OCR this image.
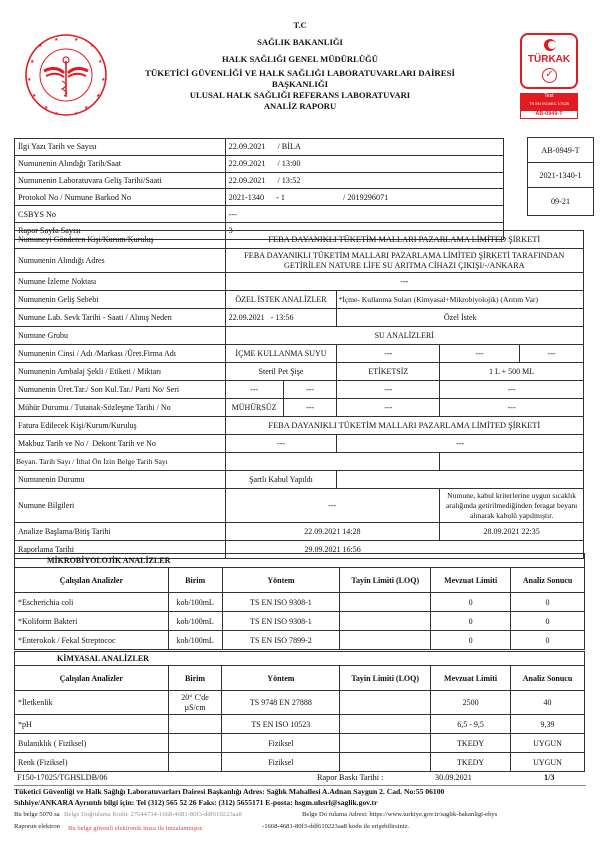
★
★	★
★
★	★
★	★
★	★
★	★
★	★
T.C
SAĞLIK BAKANLIĞI
HALK SAĞLIĞI GENEL MÜDÜRLÜĞÜ
TÜKETİCİ GÜVENLİĞİ VE HALK SAĞLIĞI LABORATUVARLARI DAİRESİ
BAŞKANLIĞI
ULUSAL HALK SAĞLIĞI REFERANS LABORATUVARI
ANALİZ RAPORU
TÜRKAK
✓
Test
TS EN ISO/IEC 17025
AB-0949-T
İlgi Yazı Tarih ve Sayısı	22.09.2021 / BİLA
Numunenin Alındığı Tarih/Saat	22.09.2021 / 13:00
Numunenin Laboratuvara Geliş Tarihi/Saati	22.09.2021 / 13:52
Protokol No / Numune Barkod No	2021-1340 - 1 / 2019296071
CSBYS No	---
Rapor Sayfa Sayısı	3
AB-0949-T
2021-1340-1
09-21
Numuneyi Gönderen Kişi/Kurum/Kuruluş	FEBA DAYANIKLI TÜKETİM MALLARI PAZARLAMA LİMİTED ŞİRKETİ				
Numunenin Alındığı Adres	FEBA DAYANIKLI TÜKETİM MALLARI PAZARLAMA LİMİTED ŞİRKETİ TARAFINDAN
GETİRİLEN NATURE LİFE SU ARITMA CİHAZI ÇIKIŞI/-/ANKARA				

Numune İzleme Noktası	---				
Numunenin Geliş Sebebi	ÖZEL İSTEK ANALİZLER		*İçme- Kullanma Suları (Kimyasal+Mikrobiyolojik) (Arıtım Var)		
Numune Lab. Sevk Tarihi - Saati / Alınış Neden	22.09.2021   - 13:56		Özel İstek		
Numune Grubu	SU ANALİZLERİ				
Numunenin Cinsi / Adı /Markası /Üret.Firma Adı	İÇME KULLANMA SUYU		---	---	---
Numunenin Ambalaj Şekli / Etiketi / Miktarı	Steril Pet Şişe		ETİKETSİZ	1 L + 500 ML	
Numunenin Üret.Tar./ Son Kul.Tar./ Parti No/ Seri	---	---	---	---	
Mühür Durumu / Tutanak-Sözleşme Tarihi / No	MÜHÜRSÜZ	---	---	---	
Fatura Edilecek Kişi/Kurum/Kuruluş	FEBA DAYANIKLI TÜKETİM MALLARI PAZARLAMA LİMİTED ŞİRKETİ				
Makbuz Tarih ve No /  Dekont Tarih ve No	---		---		
Beyan. Tarih Sayı / İthal Ön İzin Belge Tarih Sayı					
Numunenin Durumu	Şartlı Kabul Yapıldı				
Numune Bilgileri	---			Numune, kabul kriterlerine uygun sıcaklık aralığında getirilmediğinden feragat beyanı alınarak kabulü yapılmıştır.	
Analize Başlama/Bitiş Tarihi	22.09.2021 14:28			28.09.2021 22:35	
Raporlama Tarihi	29.09.2021 16:56				
MİKROBİYOLOJİK ANALİZLER					
Çalışılan Analizler	Birim	Yöntem	Tayin Limiti (LOQ)	Mevzuat Limiti	Analiz Sonucu
*Escherichia coli	kob/100mL	TS EN ISO 9308-1		0	0
*Koliform Bakteri	kob/100mL	TS EN ISO 9308-1		0	0
*Enterokok / Fekal Streptococ	kob/100mL	TS EN ISO 7899-2		0	0
KİMYASAL ANALİZLER					
Çalışılan Analizler	Birim	Yöntem	Tayin Limiti (LOQ)	Mevzuat Limiti	Analiz Sonucu
*İletkenlik	20° C'de µS/cm	TS 9748 EN 27888		2500	40
*pH		TS EN ISO 10523		6,5 - 9,5	9,39
Bulanıklık ( Fiziksel)		Fiziksel		TKEDY	UYGUN
Renk (Fiziksel)		Fiziksel		TKEDY	UYGUN
F150-17025/TGHSLDB/06	Rapor Baskı Tarihi :	30.09.2021	1/3
Tüketici Güvenliği ve Halk Sağlığı Laboratuvarları Dairesi Başkanlığı Adres: Sağlık Mahallesi A.Adnan Saygun 2. Cad. No:55 06100
Sıhhiye/ANKARA Ayrıntılı bilgi için: Tel (312) 565 52 26 Faks: (312) 5655171 E-posta: hsgm.uhsrl@saglik.gov.tr
Bu belge 5070 sa	Belge Do rulama Adresi: https://www.turkiye.gov.tr/saglik-bakanligi-ebys
Belge Doğrulama Kodu: 27644734-1668-4681-80f3-ddf610223aa8
Raporun elektron	-1668-4681-80f3-ddf610223aa8 kodu ile erişebilirsiniz.
Bu belge güvenli elektronik imza ile imzalanmıştır.
